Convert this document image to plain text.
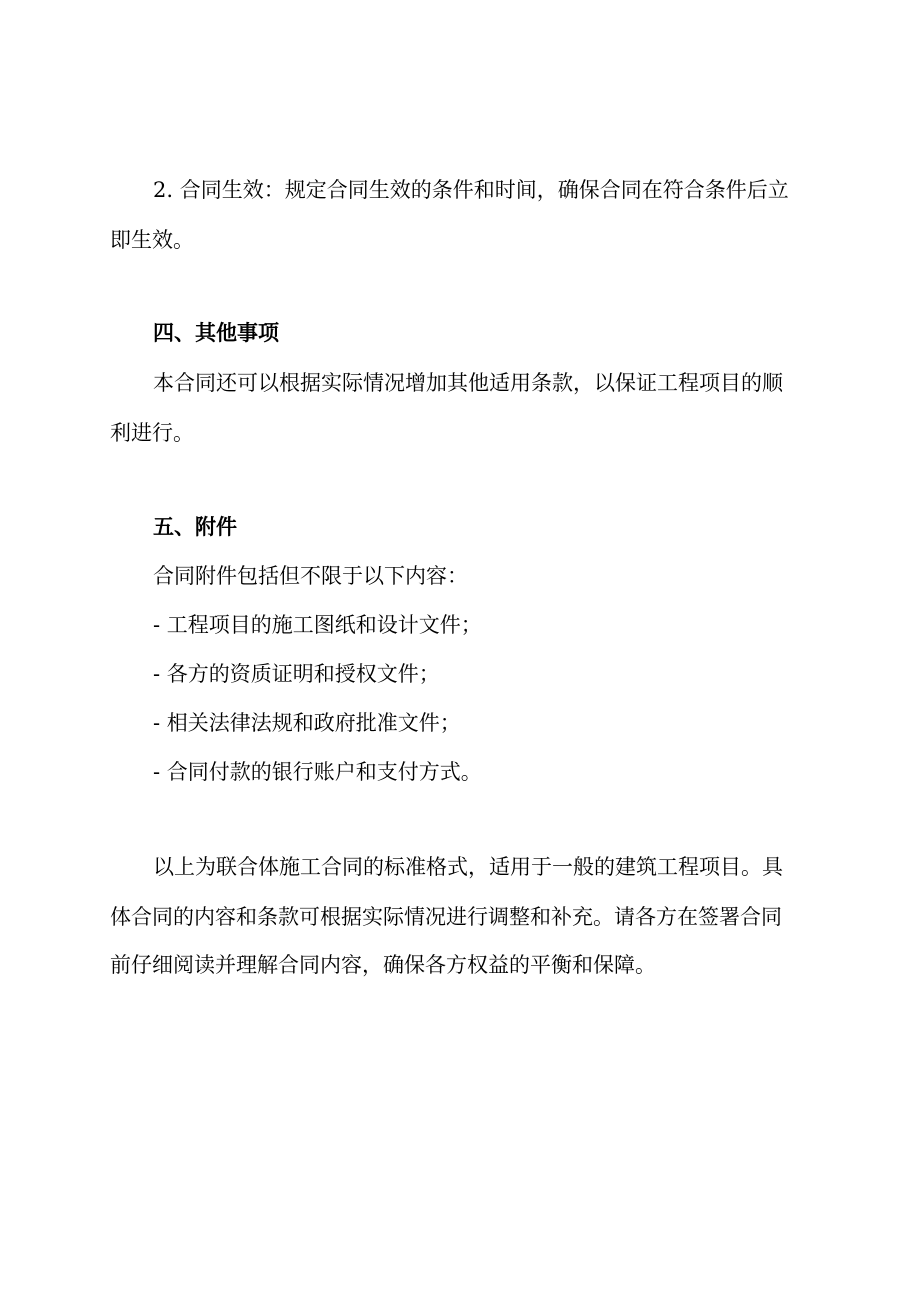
2. 合同生效：规定合同生效的条件和时间，确保合同在符合条件后立

即生效。

四、其他事项

本合同还可以根据实际情况增加其他适用条款，以保证工程项目的顺

利进行。

五、附件

合同附件包括但不限于以下内容：

- 工程项目的施工图纸和设计文件；

- 各方的资质证明和授权文件；

- 相关法律法规和政府批准文件；

- 合同付款的银行账户和支付方式。

以上为联合体施工合同的标准格式，适用于一般的建筑工程项目。具

体合同的内容和条款可根据实际情况进行调整和补充。请各方在签署合同

前仔细阅读并理解合同内容，确保各方权益的平衡和保障。
